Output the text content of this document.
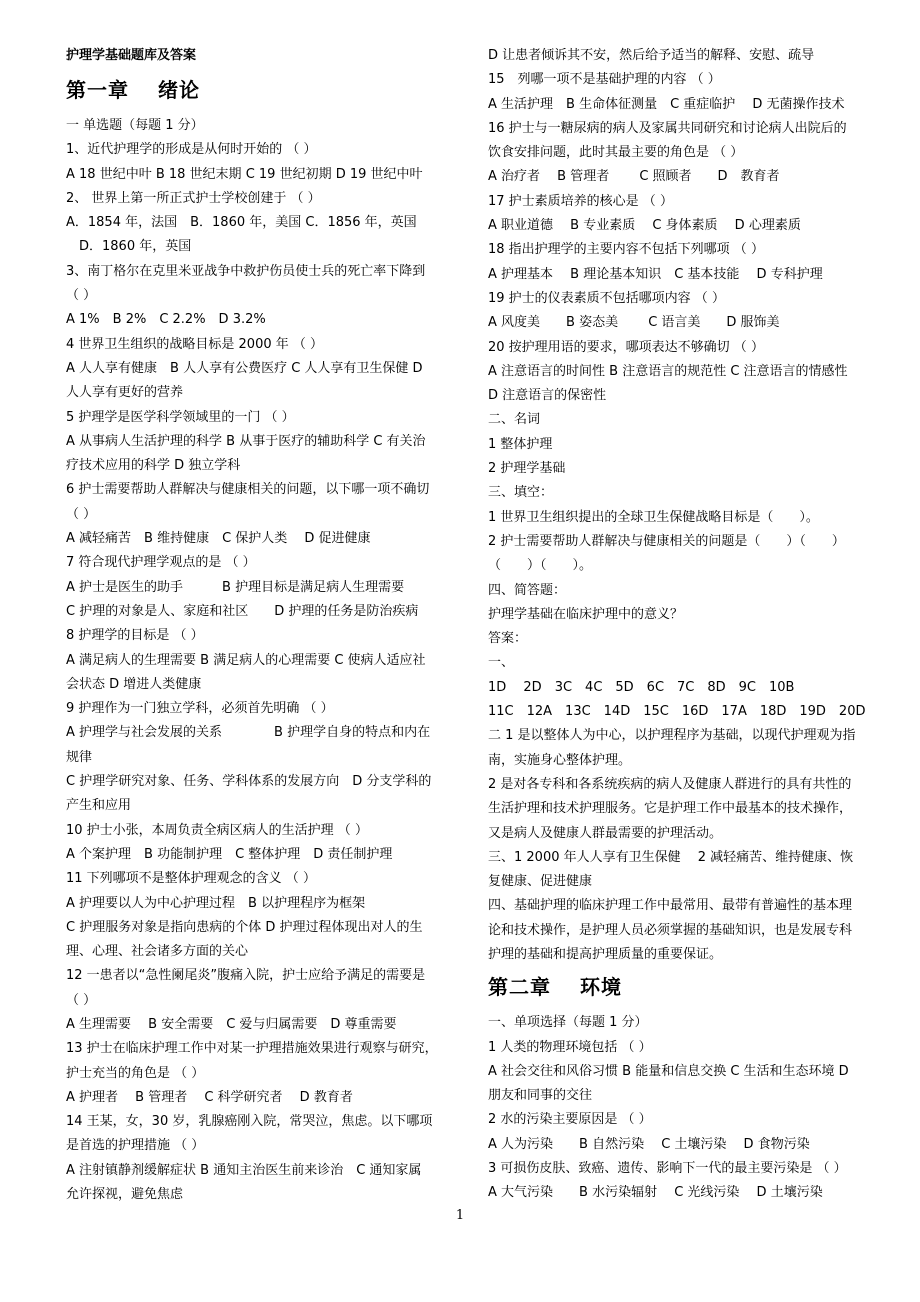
护理学基础题库及答案
第一章　 绪论
一 单选题（每题 1 分）
1、近代护理学的形成是从何时开始的 （ ）
A 18 世纪中叶 B 18 世纪末期 C 19 世纪初期 D 19 世纪中叶
2、 世界上第一所正式护士学校创建于 （ ）
A．1854 年，法国　B．1860 年，美国 C．1856 年，英国
　D．1860 年，英国
3、南丁格尔在克里米亚战争中救护伤员使士兵的死亡率下降到
（ ）
A 1%　B 2%　C 2.2%　D 3.2%
4 世界卫生组织的战略目标是 2000 年 （ ）
A 人人享有健康　B 人人享有公费医疗 C 人人享有卫生保健 D
人人享有更好的营养
5 护理学是医学科学领域里的一门 （ ）
A 从事病人生活护理的科学 B 从事于医疗的辅助科学 C 有关治
疗技术应用的科学 D 独立学科
6 护士需要帮助人群解决与健康相关的问题，以下哪一项不确切
（ ）
A 减轻痛苦　B 维持健康　C 保护人类　 D 促进健康
7 符合现代护理学观点的是 （ ）
A 护士是医生的助手　　　B 护理目标是满足病人生理需要
C 护理的对象是人、家庭和社区　　D 护理的任务是防治疾病
8 护理学的目标是 （ ）
A 满足病人的生理需要 B 满足病人的心理需要 C 使病人适应社
会状态 D 增进人类健康
9 护理作为一门独立学科，必须首先明确 （ ）
A 护理学与社会发展的关系　　　　B 护理学自身的特点和内在
规律
C 护理学研究对象、任务、学科体系的发展方向　D 分支学科的
产生和应用
10 护士小张，本周负责全病区病人的生活护理 （ ）
A 个案护理　B 功能制护理　C 整体护理　D 责任制护理
11 下列哪项不是整体护理观念的含义 （ ）
A 护理要以人为中心护理过程　B 以护理程序为框架
C 护理服务对象是指向患病的个体 D 护理过程体现出对人的生
理、心理、社会诸多方面的关心
12 一患者以“急性阑尾炎”腹痛入院，护士应给予满足的需要是
（ ）
A 生理需要　 B 安全需要　C 爱与归属需要　D 尊重需要
13 护士在临床护理工作中对某一护理措施效果进行观察与研究，
护士充当的角色是 （ ）
A 护理者　 B 管理者　 C 科学研究者　 D 教育者
14 王某，女，30 岁，乳腺癌刚入院，常哭泣，焦虑。以下哪项
是首选的护理措施 （ ）
A 注射镇静剂缓解症状 B 通知主治医生前来诊治　C 通知家属
允许探视，避免焦虑
D 让患者倾诉其不安，然后给予适当的解释、安慰、疏导
15　列哪一项不是基础护理的内容 （ ）
A 生活护理　B 生命体征测量　C 重症临护　 D 无菌操作技术
16 护士与一糖尿病的病人及家属共同研究和讨论病人出院后的
饮食安排问题，此时其最主要的角色是 （ ）
A 治疗者　 B 管理者　　 C 照顾者　　D　教育者
17 护士素质培养的核心是 （ ）
A 职业道德　 B 专业素质　 C 身体素质　 D 心理素质
18 指出护理学的主要内容不包括下列哪项 （ ）
A 护理基本　 B 理论基本知识　C 基本技能　 D 专科护理
19 护士的仪表素质不包括哪项内容 （ ）
A 风度美　　B 姿态美　　 C 语言美　　D 服饰美
20 按护理用语的要求，哪项表达不够确切 （ ）
A 注意语言的时间性 B 注意语言的规范性 C 注意语言的情感性
D 注意语言的保密性
二、名词
1 整体护理
2 护理学基础
三、填空：
1 世界卫生组织提出的全球卫生保健战略目标是（　　）。
2 护士需要帮助人群解决与健康相关的问题是（　　）（　　）
（　　）（　　）。
四、简答题：
护理学基础在临床护理中的意义？
答案：
一、
1D　 2D　3C　4C　5D　6C　7C　8D　9C　10B
11C　12A　13C　14D　15C　16D　17A　18D　19D　20D
二 1 是以整体人为中心，以护理程序为基础，以现代护理观为指
南，实施身心整体护理。
2 是对各专科和各系统疾病的病人及健康人群进行的具有共性的
生活护理和技术护理服务。它是护理工作中最基本的技术操作，
又是病人及健康人群最需要的护理活动。
三、1 2000 年人人享有卫生保健　 2 减轻痛苦、维持健康、恢
复健康、促进健康
四、基础护理的临床护理工作中最常用、最带有普遍性的基本理
论和技术操作，是护理人员必须掌握的基础知识，也是发展专科
护理的基础和提高护理质量的重要保证。
第二章　 环境
一、单项选择（每题 1 分）
1 人类的物理环境包括 （ ）
A 社会交往和风俗习惯 B 能量和信息交换 C 生活和生态环境 D
朋友和同事的交往
2 水的污染主要原因是 （ ）
A 人为污染　　B 自然污染　 C 土壤污染　 D 食物污染
3 可损伤皮肤、致癌、遗传、影响下一代的最主要污染是 （ ）
A 大气污染　　B 水污染辐射　 C 光线污染　 D 土壤污染
1
